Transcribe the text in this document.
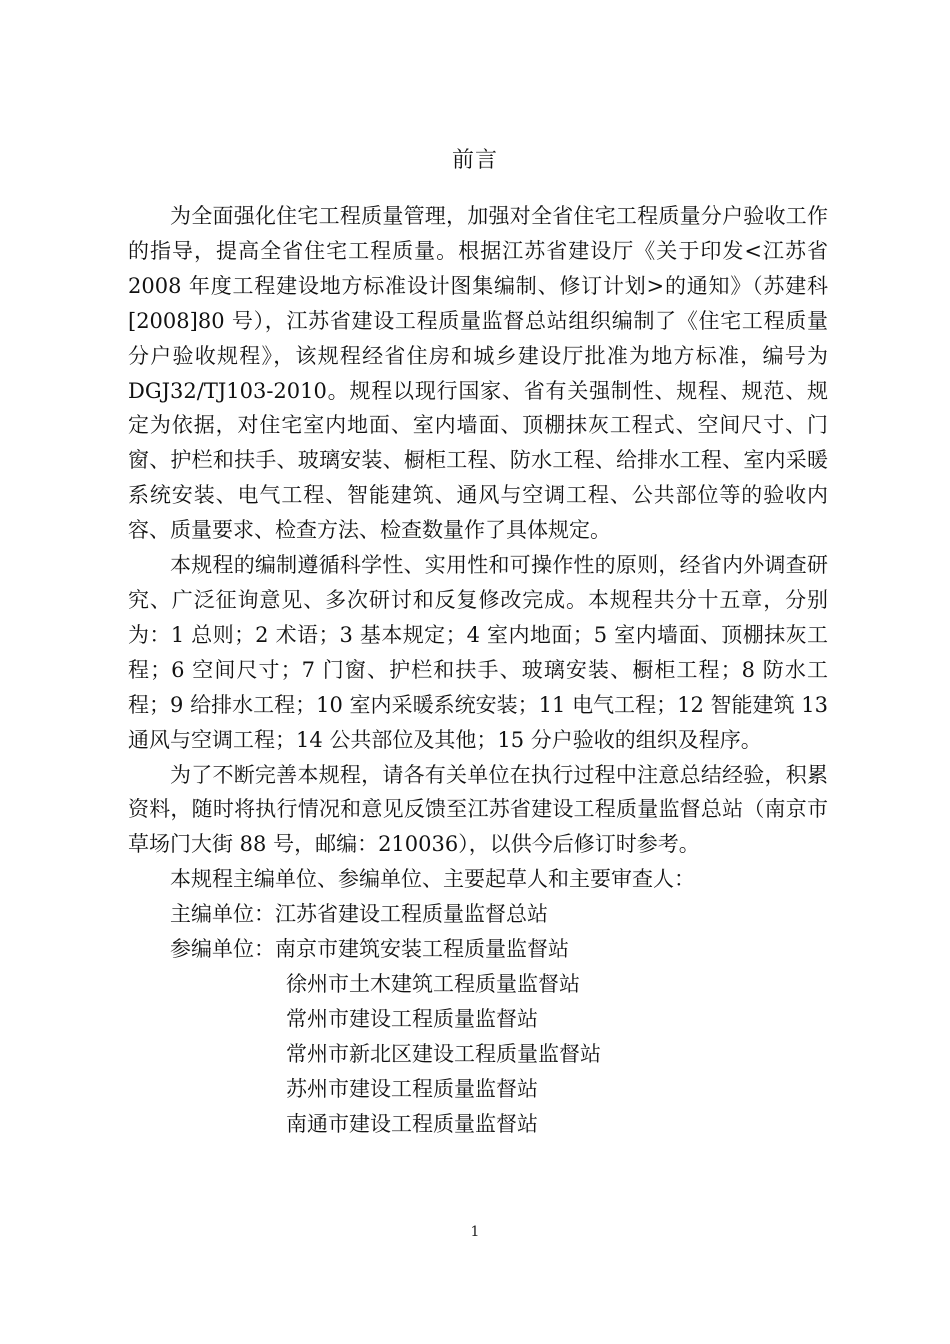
前言

为全面强化住宅工程质量管理，加强对全省住宅工程质量分户验收工作的指导，提高全省住宅工程质量。根据江苏省建设厅《关于印发<江苏省 2008 年度工程建设地方标准设计图集编制、修订计划>的通知》（苏建科[2008]80 号），江苏省建设工程质量监督总站组织编制了《住宅工程质量分户验收规程》，该规程经省住房和城乡建设厅批准为地方标准，编号为 DGJ32/TJ103-2010。规程以现行国家、省有关强制性、规程、规范、规定为依据，对住宅室内地面、室内墙面、顶棚抹灰工程式、空间尺寸、门窗、护栏和扶手、玻璃安装、橱柜工程、防水工程、给排水工程、室内采暖系统安装、电气工程、智能建筑、通风与空调工程、公共部位等的验收内容、质量要求、检查方法、检查数量作了具体规定。

本规程的编制遵循科学性、实用性和可操作性的原则，经省内外调查研究、广泛征询意见、多次研讨和反复修改完成。本规程共分十五章，分别为：1 总则；2 术语；3 基本规定；4 室内地面；5 室内墙面、顶棚抹灰工程；6 空间尺寸；7 门窗、护栏和扶手、玻璃安装、橱柜工程；8 防水工程；9 给排水工程；10 室内采暖系统安装；11 电气工程；12 智能建筑 13 通风与空调工程；14 公共部位及其他；15 分户验收的组织及程序。

为了不断完善本规程，请各有关单位在执行过程中注意总结经验，积累资料，随时将执行情况和意见反馈至江苏省建设工程质量监督总站（南京市草场门大街 88 号，邮编：210036），以供今后修订时参考。

本规程主编单位、参编单位、主要起草人和主要审查人：

主编单位：江苏省建设工程质量监督总站

参编单位：南京市建筑安装工程质量监督站

徐州市土木建筑工程质量监督站

常州市建设工程质量监督站

常州市新北区建设工程质量监督站

苏州市建设工程质量监督站

南通市建设工程质量监督站

1
